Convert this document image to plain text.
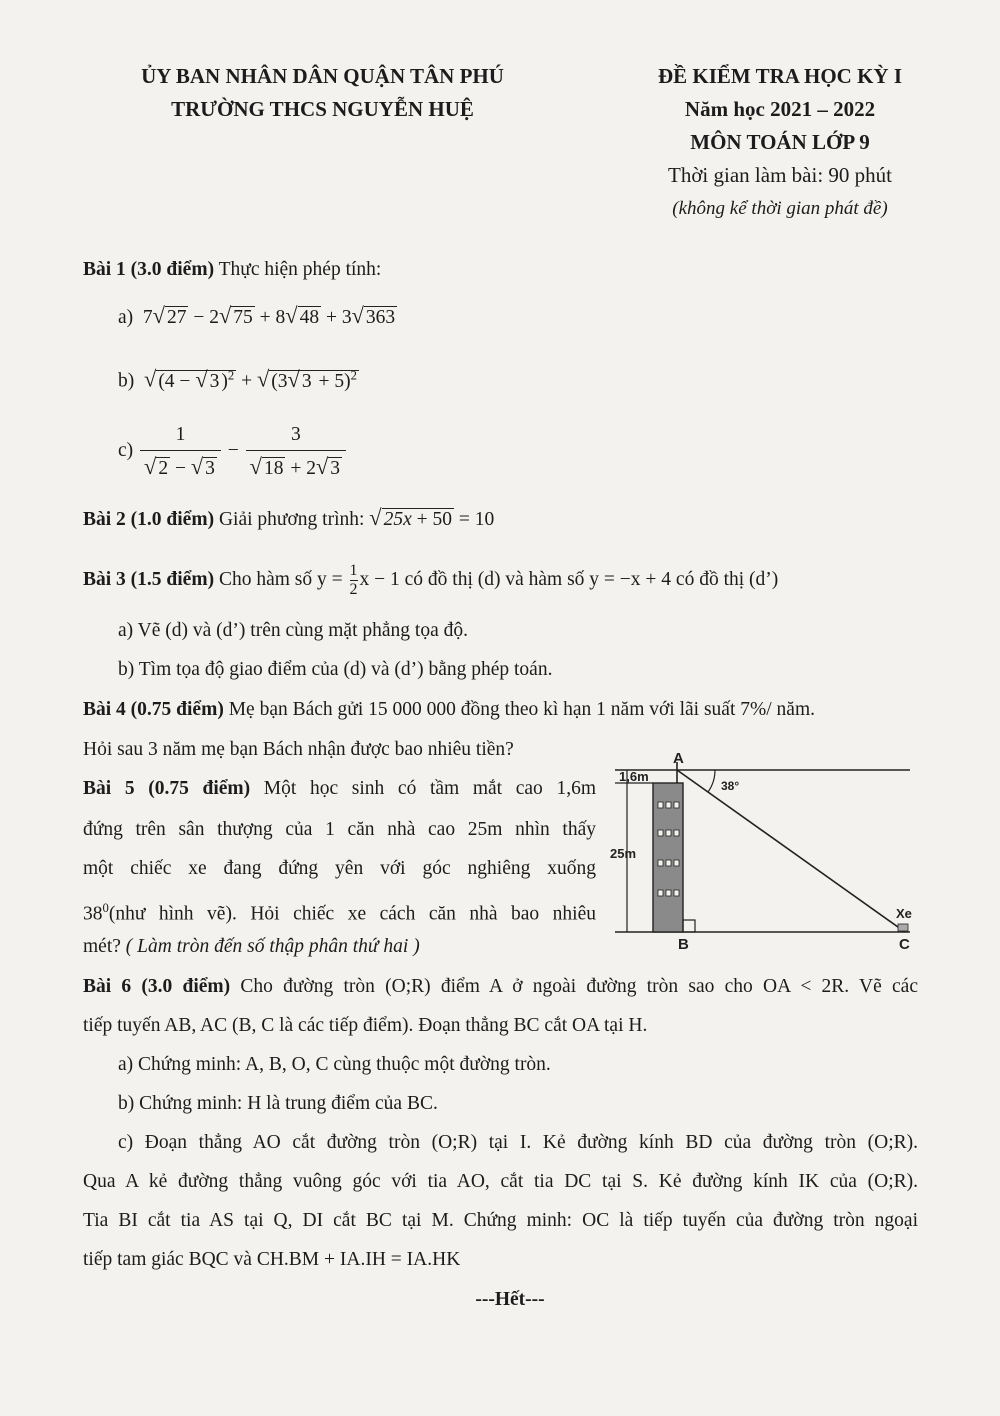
ỦY BAN NHÂN DÂN QUẬN TÂN PHÚ
TRƯỜNG THCS NGUYỄN HUỆ
ĐỀ KIỂM TRA HỌC KỲ I
Năm học 2021 – 2022
MÔN TOÁN LỚP 9
Thời gian làm bài: 90 phút
(không kể thời gian phát đề)
Bài 1 (3.0 điểm) Thực hiện phép tính:
a)  7√ 27 − 2√ 75 + 8√ 48 + 3√ 363
b) √ (4 − √ 3 )$^2$ + √ (3√ 3 + 5)$^2$
$c) \frac{1}{√ 2 - √ 3} - \frac{3}{√ 18 + 2√ 3}$
Bài 2 (1.0 điểm) Giải phương trình: √ 25x + 50 = 10
Bài 3 (1.5 điểm) Cho hàm số $y = \frac{1}{2}$ x − 1 có đồ thị (d) và hàm số y = −x + 4 có đồ thị (d’)
a) Vẽ (d) và (d’) trên cùng mặt phẳng tọa độ.
b) Tìm tọa độ giao điểm của (d) và (d’) bằng phép toán.
Bài 4 (0.75 điểm) Mẹ bạn Bách gửi 15 000 000 đồng theo kì hạn 1 năm với lãi suất 7%/ năm.
Hỏi sau 3 năm mẹ bạn Bách nhận được bao nhiêu tiền?
Bài 5 (0.75 điểm) Một học sinh có tầm mắt cao 1,6m
đứng trên sân thượng của 1 căn nhà cao 25m nhìn thấy
một chiếc xe đang đứng yên với góc nghiêng xuống
$38^0(như$ hình vẽ). Hỏi chiếc xe cách căn nhà bao nhiêu
mét? ( Làm tròn đến số thập phân thứ hai )
A
1,6m
38°
25m
Xe
B	C
Bài 6 (3.0 điểm) Cho đường tròn (O;R) điểm A ở ngoài đường tròn sao cho OA < 2R. Vẽ các
tiếp tuyến AB, AC (B, C là các tiếp điểm). Đoạn thẳng BC cắt OA tại H.
a) Chứng minh: A, B, O, C cùng thuộc một đường tròn.
b) Chứng minh: H là trung điểm của BC.
c) Đoạn thẳng AO cắt đường tròn (O;R) tại I. Kẻ đường kính BD của đường tròn (O;R).
Qua A kẻ đường thẳng vuông góc với tia AO, cắt tia DC tại S. Kẻ đường kính IK của (O;R).
Tia BI cắt tia AS tại Q, DI cắt BC tại M. Chứng minh: OC là tiếp tuyến của đường tròn ngoại
tiếp tam giác BQC và CH.BM + IA.IH = IA.HK
---Hết---
